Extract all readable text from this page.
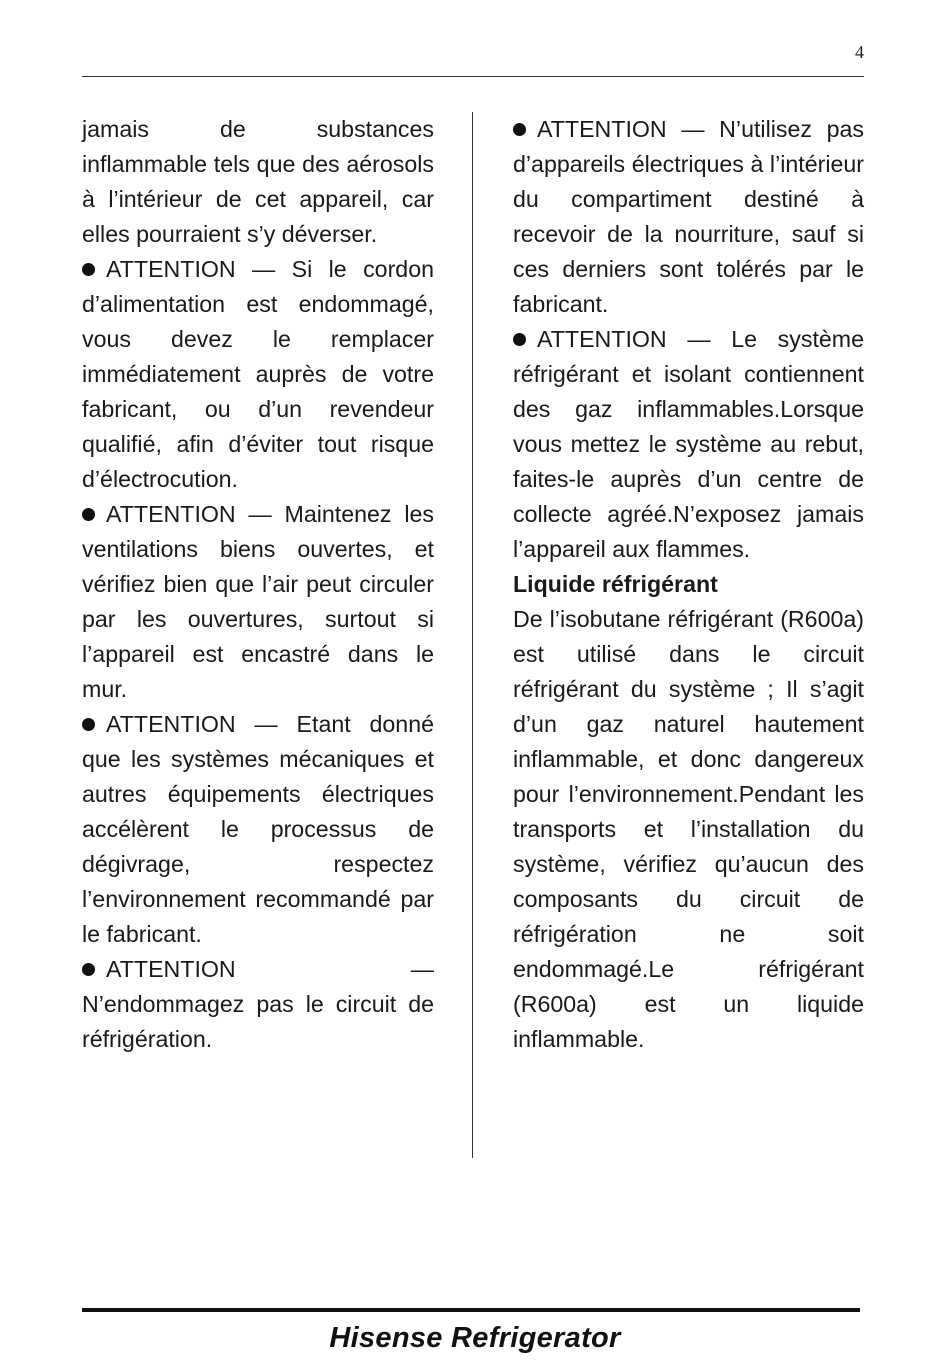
4

jamais de substances inflammable tels que des aérosols à l’intérieur de cet appareil, car elles pourraient s’y déverser.

ATTENTION — Si le cordon d’alimentation est endommagé, vous devez le remplacer immédiatement auprès de votre fabricant, ou d’un revendeur qualifié, afin d’éviter tout risque d’électrocution.

ATTENTION — Maintenez les ventilations biens ouvertes, et vérifiez bien que l’air peut circuler par les ouvertures, surtout si l’appareil est encastré dans le mur.

ATTENTION — Etant donné que les systèmes mécaniques et autres équipements électriques accélèrent le processus de dégivrage, respectez l’environnement recommandé par le fabricant.

ATTENTION — N’endommagez pas le circuit de réfrigération.

ATTENTION — N’utilisez pas d’appareils électriques à l’intérieur du compartiment destiné à recevoir de la nourriture, sauf si ces derniers sont tolérés par le fabricant.

ATTENTION — Le système réfrigérant et isolant contiennent des gaz inflammables.Lorsque vous mettez le système au rebut, faites-le auprès d’un centre de collecte agréé.N’exposez jamais l’appareil aux flammes.

Liquide réfrigérant

De l’isobutane réfrigérant (R600a) est utilisé dans le circuit réfrigérant du système ; Il s’agit d’un gaz naturel hautement inflammable, et donc dangereux pour l’environnement.Pendant les transports et l’installation du système, vérifiez qu’aucun des composants du circuit de réfrigération ne soit endommagé.Le réfrigérant (R600a) est un liquide inflammable.

Hisense Refrigerator
